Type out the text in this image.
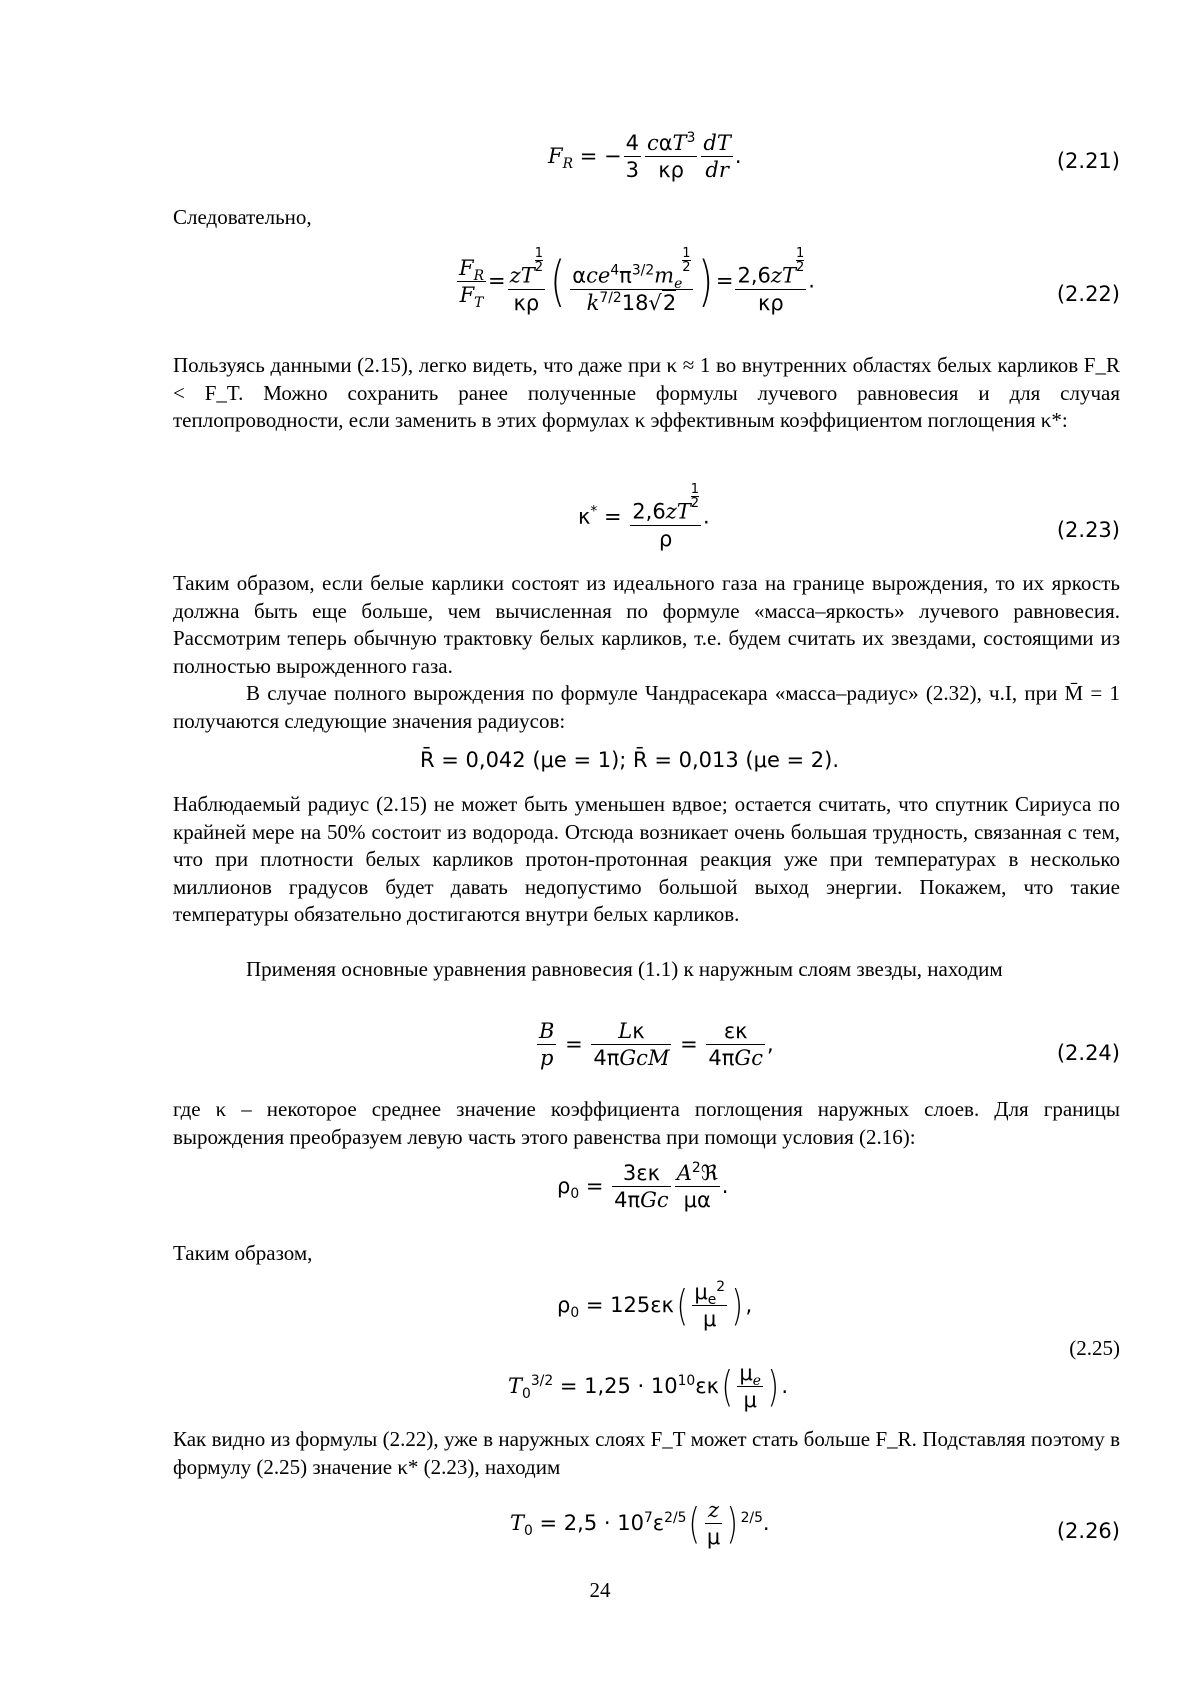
$F_R$ = − $\frac{4}{3} \frac{c\alpha T^3}{\kappa\rho} \frac{dT}{dr}$ .	(2.21)

Следовательно,

$\frac{F_R}{F_T}$ = zT
$\frac{1}{2}$
κρ ( $\alpha ce^4\pi^{3/2}m_e$
$\frac{1}{2}$
$k^{7/2}18√2$ ) = 2,6zT
$\frac{1}{2}$
κρ .
(2.22)

Пользуясь данными (2.15), легко видеть, что даже при κ ≈ 1 во внутренних областях белых карликов F_R < F_T. Можно сохранить ранее полученные формулы лучевого равновесия и для случая теплопроводности, если заменить в этих формулах κ эффективным коэффициентом поглощения κ*:

κ* = 2,6zT
$\frac{1}{2}$
ρ .
(2.23)

Таким образом, если белые карлики состоят из идеального газа на границе вырождения, то их яркость должна быть еще больше, чем вычисленная по формуле «масса–яркость» лучевого равновесия. Рассмотрим теперь обычную трактовку белых карликов, т.е. будем считать их звездами, состоящими из полностью вырожденного газа.

В случае полного вырождения по формуле Чандрасекара «масса–радиус» (2.32), ч.I, при M̄ = 1 получаются следующие значения радиусов:

R̄ = 0,042 (μe = 1); R̄ = 0,013 (μe = 2).

Наблюдаемый радиус (2.15) не может быть уменьшен вдвое; остается считать, что спутник Сириуса по крайней мере на 50% состоит из водорода. Отсюда возникает очень большая трудность, связанная с тем, что при плотности белых карликов протон-протонная реакция уже при температурах в несколько миллионов градусов будет давать недопустимо большой выход энергии. Покажем, что такие температуры обязательно достигаются внутри белых карликов.

Применяя основные уравнения равновесия (1.1) к наружным слоям звезды, находим

$\frac{B}{p} = \frac{L\kappa}{\text{4πGcM}} = \frac{\varepsilon\kappa}{\text{4πGc}}$ ,	(2.24)

где κ – некоторое среднее значение коэффициента поглощения наружных слоев. Для границы вырождения преобразуем левую часть этого равенства при помощи условия (2.16):

$\rho_0 = \frac{3\varepsilon\kappa}{\text{4πGc}} \frac{A^2ℜ}{\mu\alpha}$ .

Таким образом,

$\rho_0 = 125\varepsilon\kappa( \frac{\mu_e^2}{\mu}$ ) ,
$T_0^{3/2} = 1,25 \cdot 10^{10}\varepsilon\kappa( \frac{\mu_e}{\mu}$ ) .
(2.25)

Как видно из формулы (2.22), уже в наружных слоях F_T может стать больше F_R. Подставляя поэтому в формулу (2.25) значение κ* (2.23), находим

$T_0 = 2,5 \cdot 10^7\varepsilon^{2/5}( \frac{z}{\mu}$ ) $^{2/5}$.	(2.26)
24
